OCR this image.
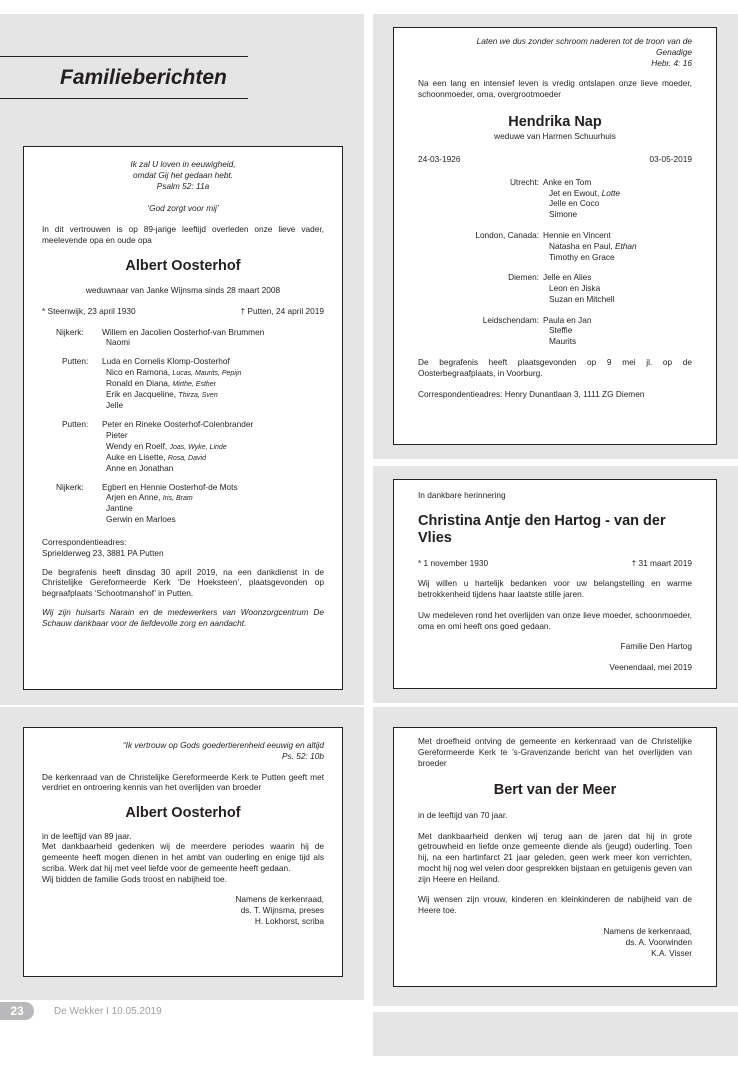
Familieberichten

Ik zal U loven in eeuwigheid,

omdat Gij het gedaan hebt.

Psalm 52: 11a

‘God zorgt voor mij’

In dit vertrouwen is op 89-jarige leeftijd overleden onze lieve vader, meelevende opa en oude opa

Albert Oosterhof

weduwnaar van Janke Wijnsma sinds 28 maart 2008

* Steenwijk, 23 april 1930	† Putten, 24 april 2019
Nijkerk:	Willem en Jacolien Oosterhof-van Brummen

Naomi

Putten:	Luda en Cornelis Klomp-Oosterhof

Nico en Ramona, Lucas, Maurits, Pepijn

Ronald en Diana, Mirthe, Esther

Erik en Jacqueline, Thirza, Sven

Jelle

Putten:	Peter en Rineke Oosterhof-Colenbrander

Pieter

Wendy en Roelf, Joas, Wyke, Linde

Auke en Lisette, Rosa, David

Anne en Jonathan

Nijkerk:	Egbert en Hennie Oosterhof-de Mots

Arjen en Anne, Iris, Bram

Jantine

Gerwin en Marloes

Correspondentieadres:

Sprielderweg 23, 3881 PA Putten

De begrafenis heeft dinsdag 30 april 2019, na een dankdienst in de Christelijke Gereformeerde Kerk ‘De Hoeksteen’, plaatsgevonden op begraafplaats ‘Schootmanshof’ in Putten.

Wij zijn huisarts Narain en de medewerkers van Woonzorgcentrum De Schauw dankbaar voor de liefdevolle zorg en aandacht.

“Ik vertrouw op Gods goedertierenheid eeuwig en altijd

Ps. 52: 10b

De kerkenraad van de Christelijke Gereformeerde Kerk te Putten geeft met verdriet en ontroering kennis van het overlijden van broeder

Albert Oosterhof

in de leeftijd van 89 jaar.

Met dankbaarheid gedenken wij de meerdere periodes waarin hij de gemeente heeft mogen dienen in het ambt van ouderling en enige tijd als scriba. Werk dat hij met veel liefde voor de gemeente heeft gedaan.

Wij bidden de familie Gods troost en nabijheid toe.

Namens de kerkenraad,

ds. T. Wijnsma, preses

H. Lokhorst, scriba

Laten we dus zonder schroom naderen tot de troon van de

Genadige

Hebr. 4: 16

Na een lang en intensief leven is vredig ontslapen onze lieve moeder, schoonmoeder, oma, overgrootmoeder

Hendrika Nap

weduwe van Harmen Schuurhuis

24-03-1926	03-05-2019
Utrecht: Anke en Tom

Jet en Ewout, Lotte

Jelle en Coco

Simone

London, Canada: Hennie en Vincent

Natasha en Paul, Ethan

Timothy en Grace

Diemen: Jelle en Alies

Leon en Jiska

Suzan en Mitchell

Leidschendam: Paula en Jan

Steffie

Maurits

De begrafenis heeft plaatsgevonden op 9 mei jl. op de Oosterbegraafplaats, in Voorburg.

Correspondentieadres: Henry Dunantlaan 3, 1111 ZG Diemen

In dankbare herinnering

Christina Antje den Hartog - van der Vlies

* 1 november 1930	† 31 maart 2019

Wij willen u hartelijk bedanken voor uw belangstelling en warme betrokkenheid tijdens haar laatste stille jaren.

Uw medeleven rond het overlijden van onze lieve moeder, schoonmoeder, oma en omi heeft ons goed gedaan.

Familie Den Hartog

Veenendaal, mei 2019

Met droefheid ontving de gemeente en kerkenraad van de Christelijke Gereformeerde Kerk te ’s-Gravenzande bericht van het overlijden van broeder

Bert van der Meer

in de leeftijd van 70 jaar.

Met dankbaarheid denken wij terug aan de jaren dat hij in grote getrouwheid en liefde onze gemeente diende als (jeugd) ouderling. Toen hij, na een hartinfarct 21 jaar geleden, geen werk meer kon verrichten, mocht hij nog wel velen door gesprekken bijstaan en getuigenis geven van zijn Heere en Heiland.

Wij wensen zijn vrouw, kinderen en kleinkinderen de nabijheid van de Heere toe.

Namens de kerkenraad,

ds. A. Voorwinden

K.A. Visser

23	De Wekker I 10.05.2019
